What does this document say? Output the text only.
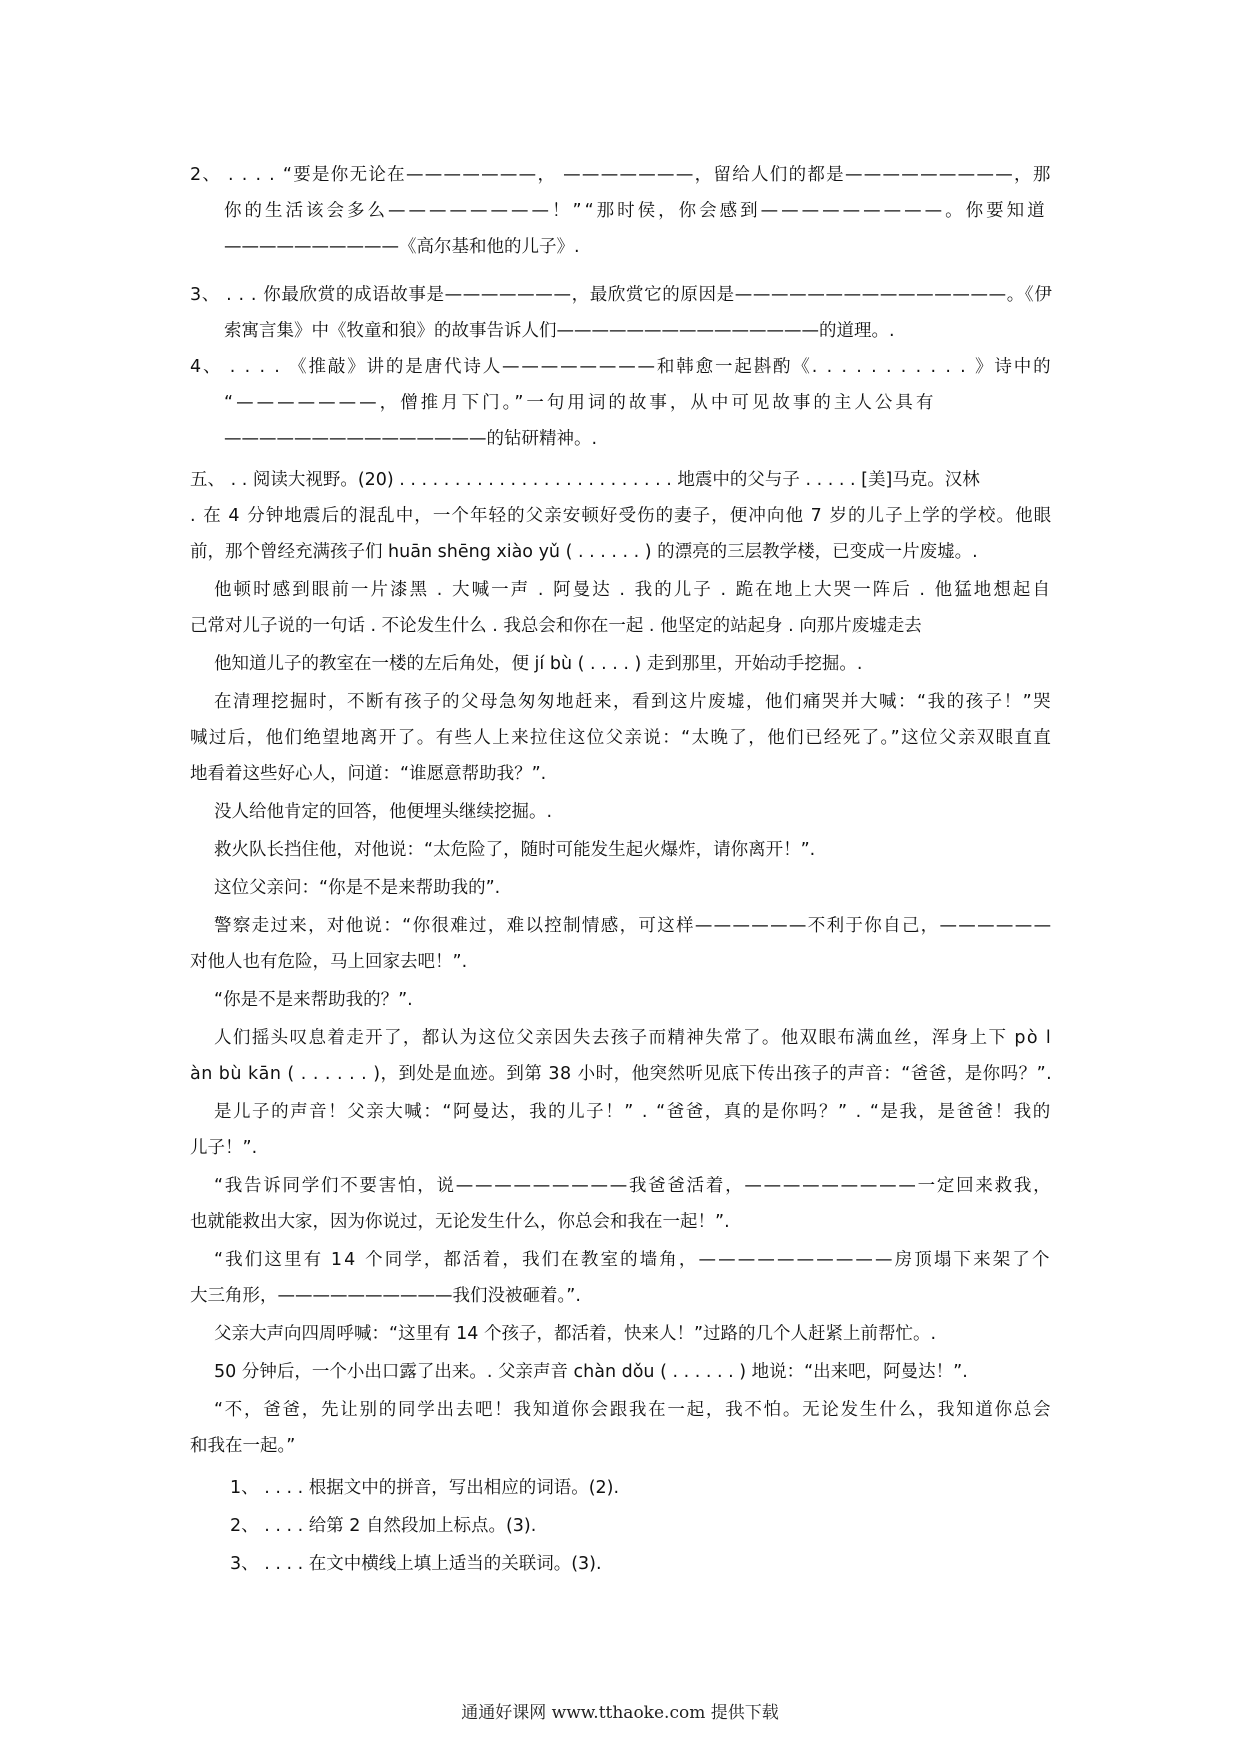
2、 . . . . “要是你无论在———————， ———————，留给人们的都是—————————，那
你的生活该会多么————————！”“那时侯，你会感到—————————。你要知道
——————————《高尔基和他的儿子》.
3、 . . . 你最欣赏的成语故事是———————，最欣赏它的原因是———————————————。《伊
索寓言集》中《牧童和狼》的故事告诉人们———————————————的道理。.
4、 . . . . 《推敲》讲的是唐代诗人————————和韩愈一起斟酌《. . . . . . . . . . . 》诗中的
“———————，僧推月下门。”一句用词的故事，从中可见故事的主人公具有
———————————————的钻研精神。.
五、 . . 阅读大视野。(20) . . . . . . . . . . . . . . . . . . . . . . . . . 地震中的父与子 . . . . . [美]马克。汉林
. 在 4 分钟地震后的混乱中，一个年轻的父亲安顿好受伤的妻子，便冲向他 7 岁的儿子上学的学校。他眼
前，那个曾经充满孩子们 huān shēng xiào yǔ ( . . . . . . ) 的漂亮的三层教学楼，已变成一片废墟。.
他顿时感到眼前一片漆黑 . 大喊一声 . 阿曼达 . 我的儿子 . 跪在地上大哭一阵后 . 他猛地想起自
己常对儿子说的一句话 . 不论发生什么 . 我总会和你在一起 . 他坚定的站起身 . 向那片废墟走去
他知道儿子的教室在一楼的左后角处，便 jí bù ( . . . . ) 走到那里，开始动手挖掘。.
在清理挖掘时，不断有孩子的父母急匆匆地赶来，看到这片废墟，他们痛哭并大喊：“我的孩子！”哭
喊过后，他们绝望地离开了。有些人上来拉住这位父亲说：“太晚了，他们已经死了。”这位父亲双眼直直
地看着这些好心人，问道：“谁愿意帮助我？”.
没人给他肯定的回答，他便埋头继续挖掘。.
救火队长挡住他，对他说：“太危险了，随时可能发生起火爆炸，请你离开！”.
这位父亲问：“你是不是来帮助我的”.
警察走过来，对他说：“你很难过，难以控制情感，可这样——————不利于你自己，——————
对他人也有危险，马上回家去吧！”.
“你是不是来帮助我的？”.
人们摇头叹息着走开了，都认为这位父亲因失去孩子而精神失常了。他双眼布满血丝，浑身上下 pò l
àn bù kān ( . . . . . . )，到处是血迹。到第 38 小时，他突然听见底下传出孩子的声音：“爸爸，是你吗？”.
是儿子的声音！父亲大喊：“阿曼达，我的儿子！” . “爸爸，真的是你吗？” . “是我，是爸爸！我的
儿子！”.
“我告诉同学们不要害怕，说—————————我爸爸活着，—————————一定回来救我，
也就能救出大家，因为你说过，无论发生什么，你总会和我在一起！”.
“我们这里有 14 个同学，都活着，我们在教室的墙角，——————————房顶塌下来架了个
大三角形，——————————我们没被砸着。”.
父亲大声向四周呼喊：“这里有 14 个孩子，都活着，快来人！”过路的几个人赶紧上前帮忙。.
50 分钟后，一个小出口露了出来。. 父亲声音 chàn dǒu ( . . . . . . ) 地说：“出来吧，阿曼达！”.
“不，爸爸，先让别的同学出去吧！我知道你会跟我在一起，我不怕。无论发生什么，我知道你总会
和我在一起。”
1、 . . . . 根据文中的拼音，写出相应的词语。(2).
2、 . . . . 给第 2 自然段加上标点。(3).
3、 . . . . 在文中横线上填上适当的关联词。(3).
通通好课网 www.tthaoke.com 提供下载
